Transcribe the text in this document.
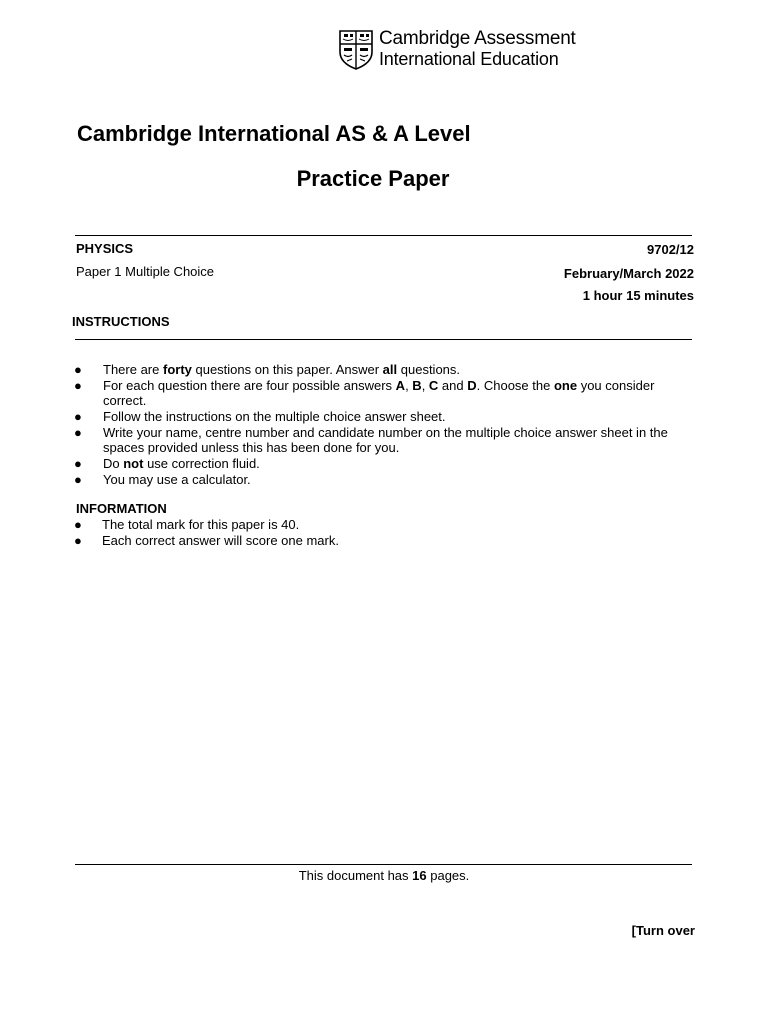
Cambridge Assessment
International Education
Cambridge International AS & A Level
Practice Paper
PHYSICS
Paper 1 Multiple Choice
9702/12
February/March 2022
1 hour 15 minutes
INSTRUCTIONS
● There are forty questions on this paper. Answer all questions.
● For each question there are four possible answers A, B, C and D. Choose the one you consider correct.
● Follow the instructions on the multiple choice answer sheet.
● Write your name, centre number and candidate number on the multiple choice answer sheet in the spaces provided unless this has been done for you.
● Do not use correction fluid.
● You may use a calculator.
INFORMATION
● The total mark for this paper is 40.
● Each correct answer will score one mark.
This document has 16 pages.
[Turn over
